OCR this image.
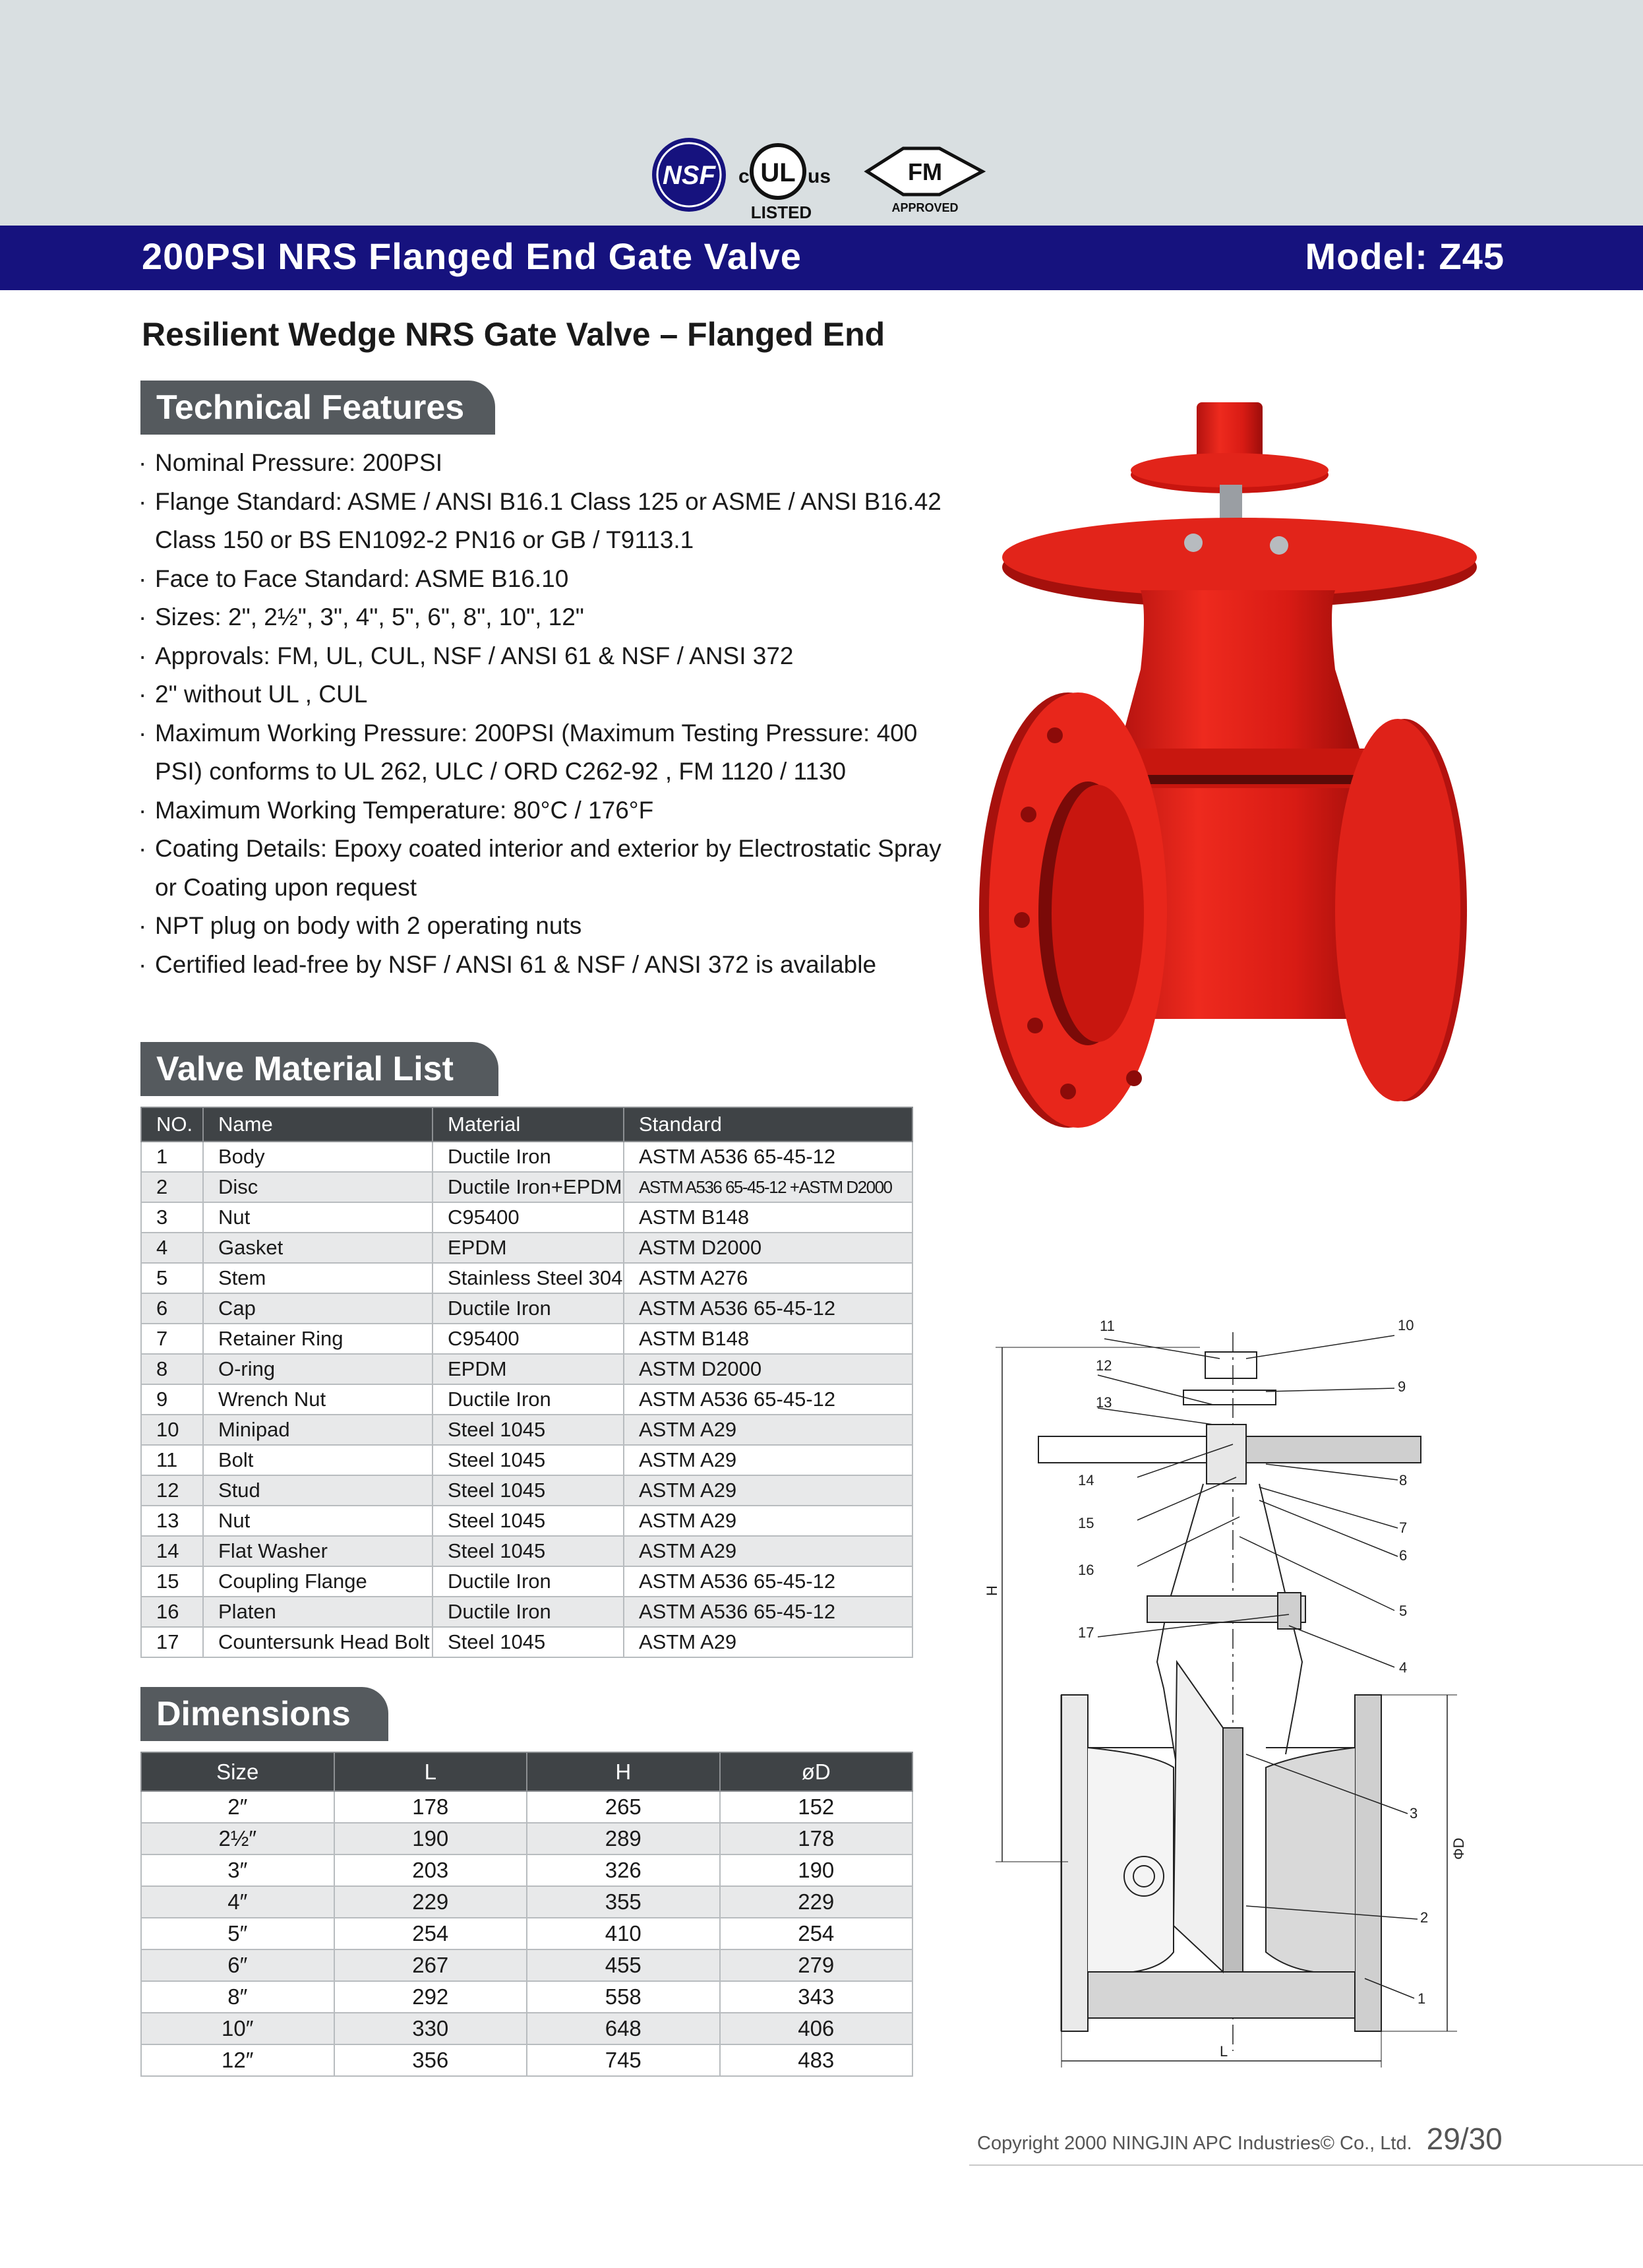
NSF c UL us
LISTED
FM
APPROVED
200PSI NRS Flanged End Gate Valve	Model: Z45
Resilient Wedge NRS Gate Valve – Flanged End
Technical Features
· Nominal Pressure: 200PSI
· Flange Standard: ASME / ANSI B16.1 Class 125 or ASME / ANSI B16.42 Class 150 or BS EN1092-2 PN16 or GB / T9113.1
· Face to Face Standard: ASME B16.10
· Sizes: 2", 2½", 3", 4", 5", 6", 8", 10", 12"
· Approvals: FM, UL, CUL, NSF / ANSI 61 & NSF / ANSI 372
· 2" without UL , CUL
· Maximum Working Pressure: 200PSI (Maximum Testing Pressure: 400 PSI) conforms to UL 262, ULC / ORD C262-92 , FM 1120 / 1130
· Maximum Working Temperature: 80°C / 176°F
· Coating Details: Epoxy coated interior and exterior by Electrostatic Spray or Coating upon request
· NPT plug on body with 2 operating nuts
· Certified lead-free by NSF / ANSI 61 & NSF / ANSI 372 is available
Valve Material List
NO.	Name	Material	Standard
1	Body	Ductile Iron	ASTM A536 65-45-12
2	Disc	Ductile Iron+EPDM	ASTM A536 65-45-12 +ASTM D2000
3	Nut	C95400	ASTM B148
4	Gasket	EPDM	ASTM D2000
5	Stem	Stainless Steel 304	ASTM A276
6	Cap	Ductile Iron	ASTM A536 65-45-12
7	Retainer Ring	C95400	ASTM B148
8	O-ring	EPDM	ASTM D2000
9	Wrench Nut	Ductile Iron	ASTM A536 65-45-12
10	Minipad	Steel 1045	ASTM A29
11	Bolt	Steel 1045	ASTM A29
12	Stud	Steel 1045	ASTM A29
13	Nut	Steel 1045	ASTM A29
14	Flat Washer	Steel 1045	ASTM A29
15	Coupling Flange	Ductile Iron	ASTM A536 65-45-12
16	Platen	Ductile Iron	ASTM A536 65-45-12
17	Countersunk Head Bolt	Steel 1045	ASTM A29
Dimensions
Size	L	H	øD
2″	178	265	152
2½″	190	289	178
3″	203	326	190
4″	229	355	229
5″	254	410	254
6″	267	455	279
8″	292	558	343
10″	330	648	406
12″	356	745	483
11	10
12
9
13
14	8
15	7
6
16
5
17
4
3
2
1
H
L
ΦD
Copyright 2000 NINGJIN APC Industries© Co., Ltd. 29/30
